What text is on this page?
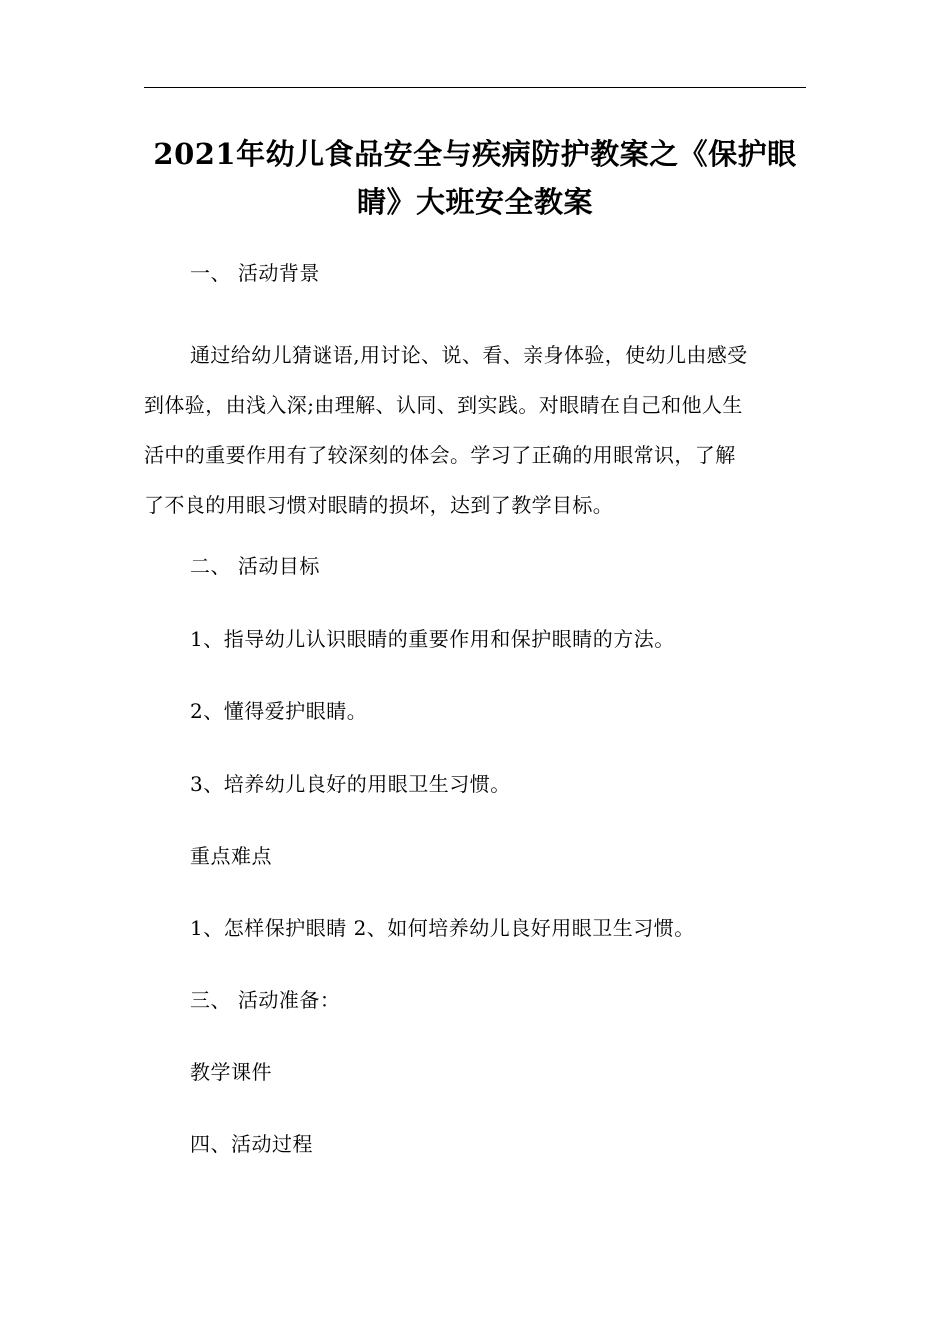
2021年幼儿食品安全与疾病防护教案之《保护眼
睛》大班安全教案
一、 活动背景
通过给幼儿猜谜语,用讨论、说、看、亲身体验，使幼儿由感受
到体验，由浅入深;由理解、认同、到实践。对眼睛在自己和他人生
活中的重要作用有了较深刻的体会。学习了正确的用眼常识，了解
了不良的用眼习惯对眼睛的损坏，达到了教学目标。
二、 活动目标
1、指导幼儿认识眼睛的重要作用和保护眼睛的方法。
2、懂得爱护眼睛。
3、培养幼儿良好的用眼卫生习惯。
重点难点
1、怎样保护眼睛 2、如何培养幼儿良好用眼卫生习惯。
三、 活动准备：
教学课件
四、活动过程
